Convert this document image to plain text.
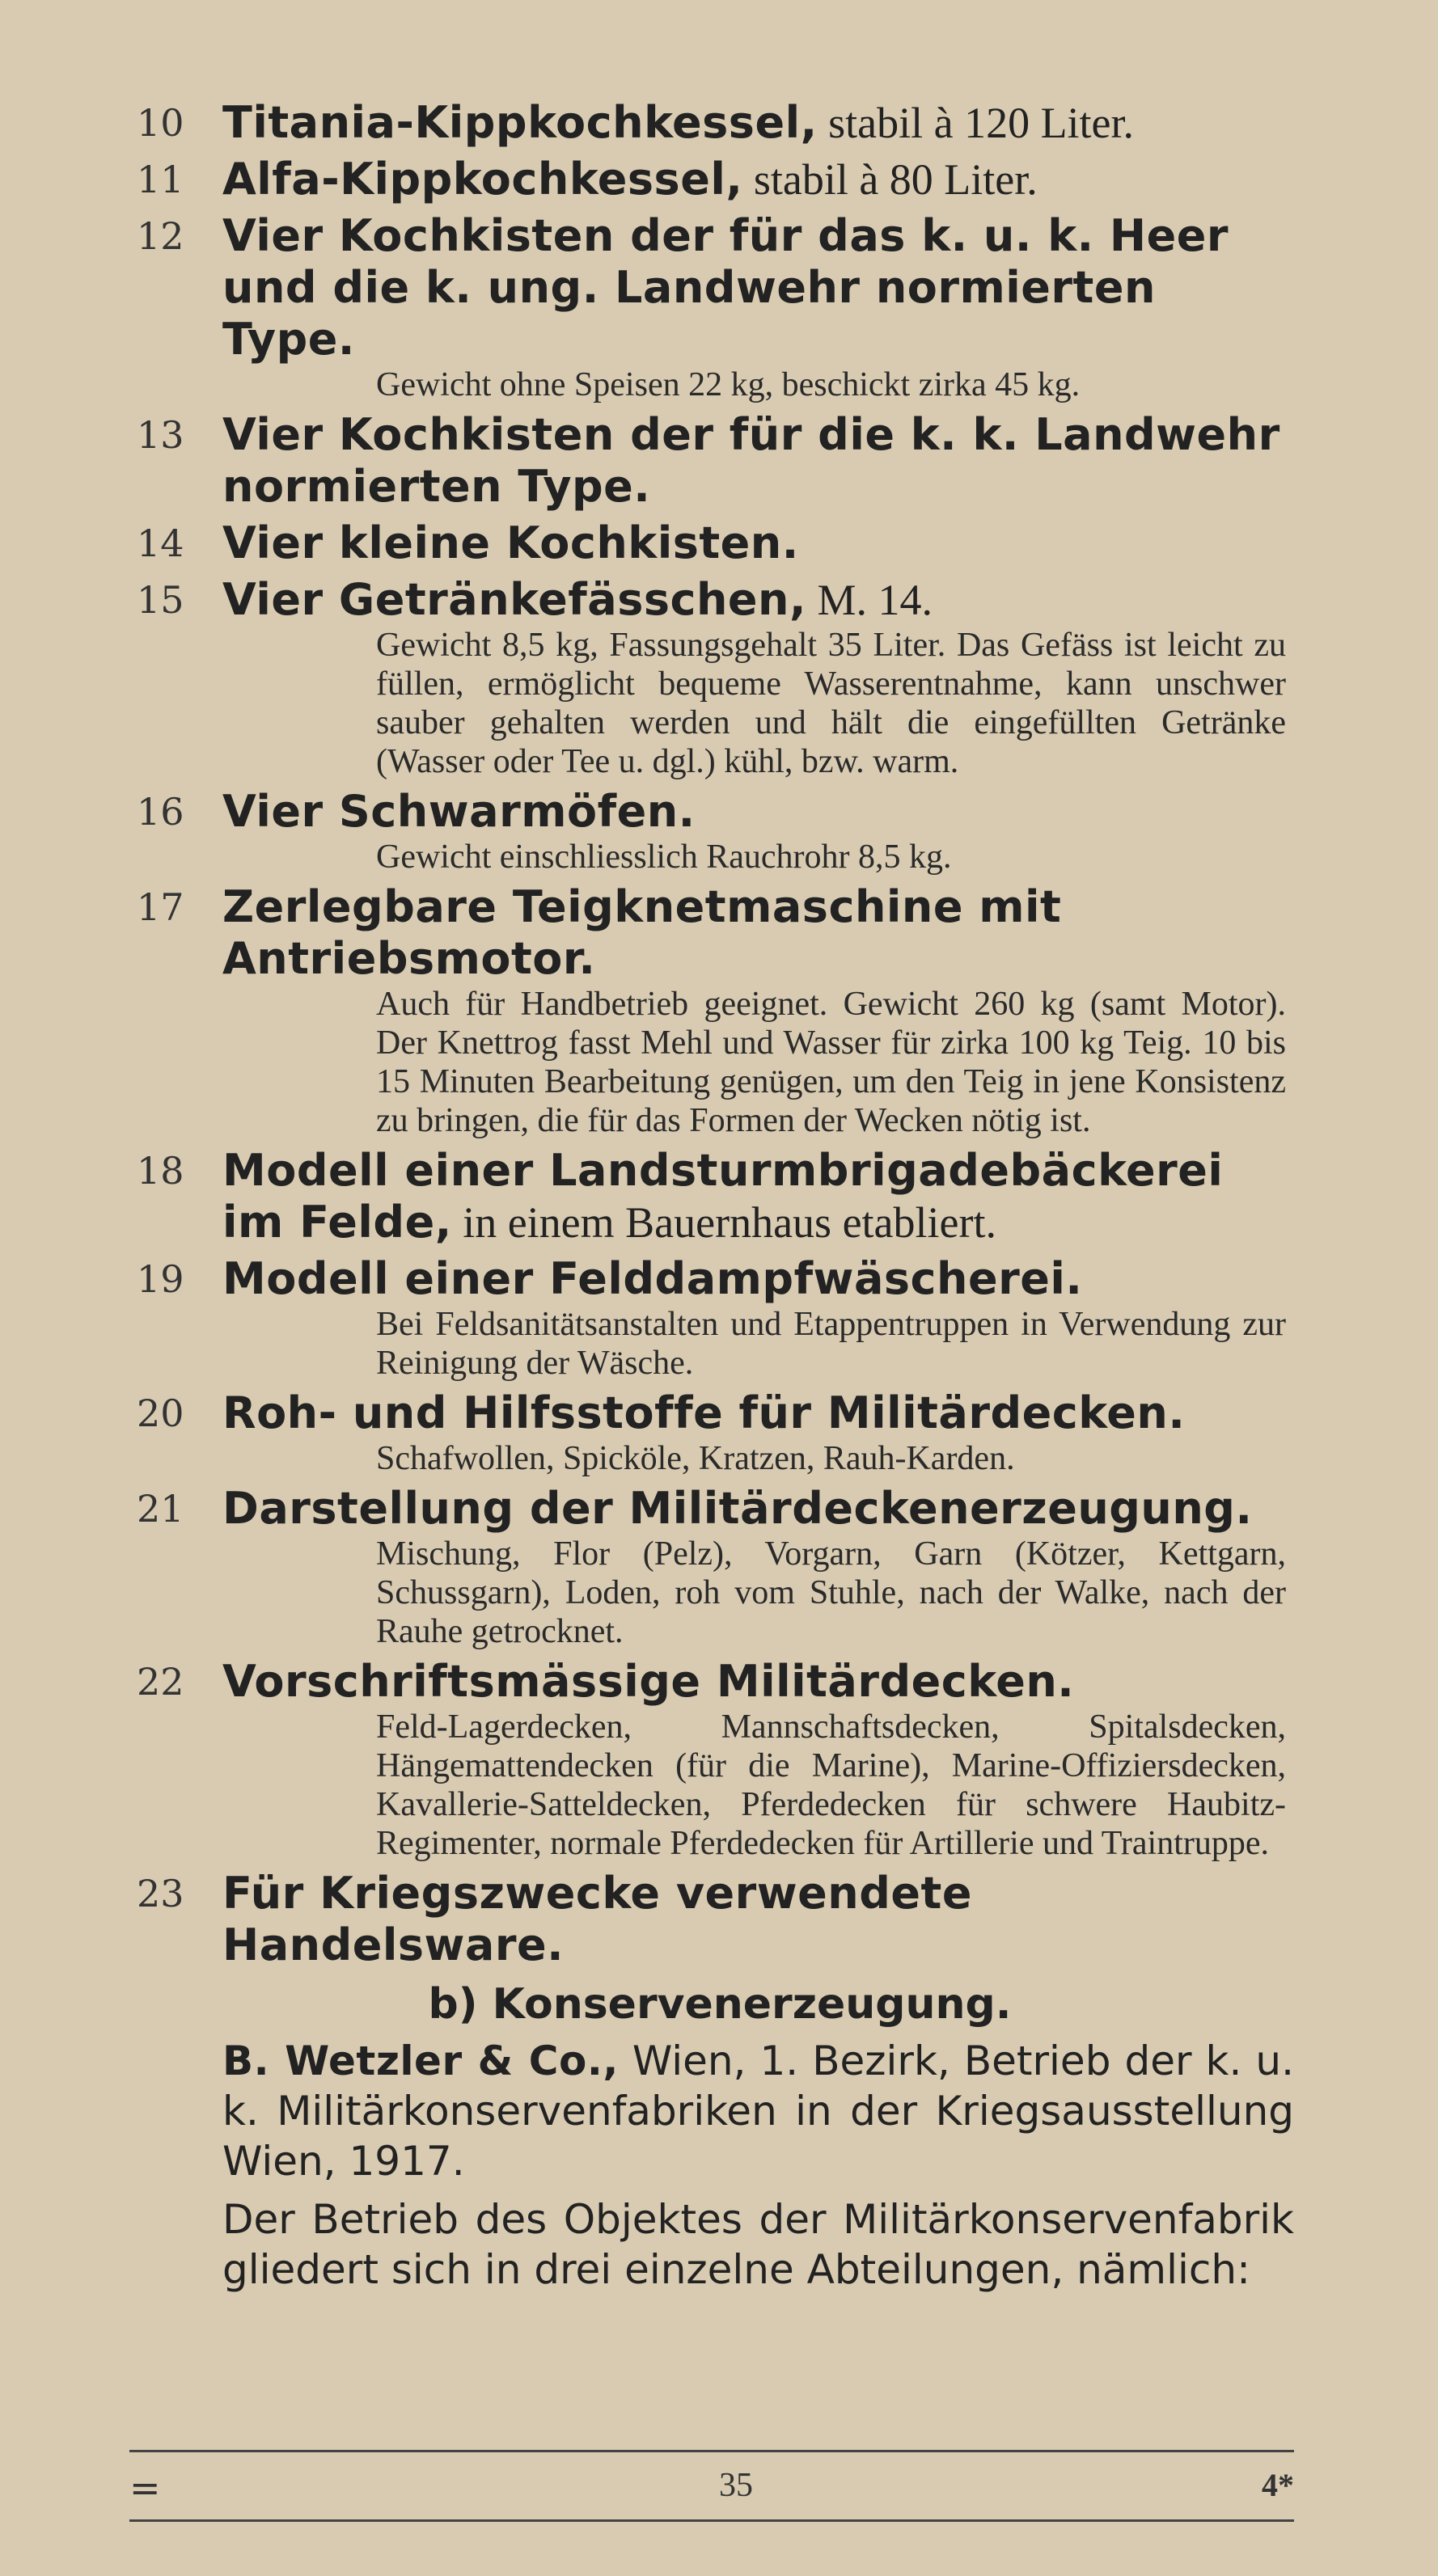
10 Titania-Kippkochkessel, stabil à 120 Liter.
11 Alfa-Kippkochkessel, stabil à 80 Liter.
12 Vier Kochkisten der für das k. u. k. Heer und die k. ung. Landwehr normierten Type.
Gewicht ohne Speisen 22 kg, beschickt zirka 45 kg.
13 Vier Kochkisten der für die k. k. Landwehr normierten Type.
14 Vier kleine Kochkisten.
15 Vier Getränkefässchen, M. 14.
Gewicht 8,5 kg, Fassungsgehalt 35 Liter. Das Gefäss ist leicht zu füllen, ermöglicht bequeme Wasserentnahme, kann unschwer sauber gehalten werden und hält die eingefüllten Getränke (Wasser oder Tee u. dgl.) kühl, bzw. warm.
16 Vier Schwarmöfen.
Gewicht einschliesslich Rauchrohr 8,5 kg.
17 Zerlegbare Teigknetmaschine mit Antriebsmotor.
Auch für Handbetrieb geeignet. Gewicht 260 kg (samt Motor). Der Knettrog fasst Mehl und Wasser für zirka 100 kg Teig. 10 bis 15 Minuten Bearbeitung genügen, um den Teig in jene Konsistenz zu bringen, die für das Formen der Wecken nötig ist.
18 Modell einer Landsturmbrigadebäckerei im Felde, in einem Bauernhaus etabliert.
19 Modell einer Felddampfwäscherei.
Bei Feldsanitätsanstalten und Etappentruppen in Verwendung zur Reinigung der Wäsche.
20 Roh- und Hilfsstoffe für Militärdecken.
Schafwollen, Spicköle, Kratzen, Rauh-Karden.
21 Darstellung der Militärdeckenerzeugung.
Mischung, Flor (Pelz), Vorgarn, Garn (Kötzer, Kettgarn, Schussgarn), Loden, roh vom Stuhle, nach der Walke, nach der Rauhe getrocknet.
22 Vorschriftsmässige Militärdecken.
Feld-Lagerdecken, Mannschaftsdecken, Spitalsdecken, Hängemattendecken (für die Marine), Marine-Offiziersdecken, Kavallerie-Satteldecken, Pferdedecken für schwere Haubitz-Regimenter, normale Pferdedecken für Artillerie und Traintruppe.
23 Für Kriegszwecke verwendete Handelsware.
b) Konservenerzeugung.
B. Wetzler & Co., Wien, 1. Bezirk, Betrieb der k. u. k. Militärkonservenfabriken in der Kriegsausstellung Wien, 1917.
Der Betrieb des Objektes der Militärkonservenfabrik gliedert sich in drei einzelne Abteilungen, nämlich:
=	35	4*
